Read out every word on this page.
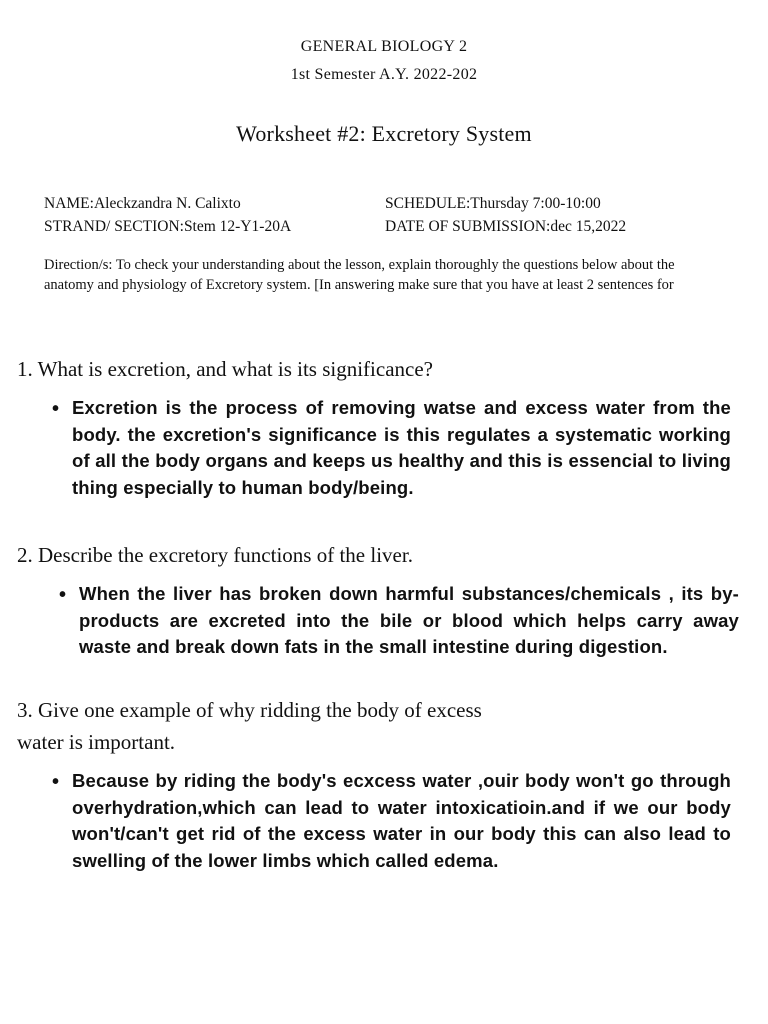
GENERAL BIOLOGY 2
1st Semester A.Y. 2022-202
Worksheet #2: Excretory System
NAME:Aleckzandra N. Calixto	SCHEDULE:Thursday 7:00-10:00
STRAND/ SECTION:Stem 12-Y1-20A	DATE OF SUBMISSION:dec 15,2022
Direction/s: To check your understanding about the lesson, explain thoroughly the questions below about the anatomy and physiology of Excretory system. [In answering make sure that you have at least 2 sentences for
1. What is excretion, and what is its significance?
• Excretion is the process of removing watse and excess water from the body. the excretion's significance is this regulates a systematic working of all the body organs and keeps us healthy and this is essencial to living thing especially to human body/being.
2. Describe the excretory functions of the liver.
• When the liver has broken down harmful substances/chemicals , its by-products are excreted into the bile or blood which helps carry away waste and break down fats in the small intestine during digestion.
3. Give one example of why ridding the body of excess
water is important.
• Because by riding the body's ecxcess water ,ouir body won't go through overhydration,which can lead to water intoxicatioin.and if we our body won't/can't get rid of the excess water in our body this can also lead to swelling of the lower limbs which called edema.
